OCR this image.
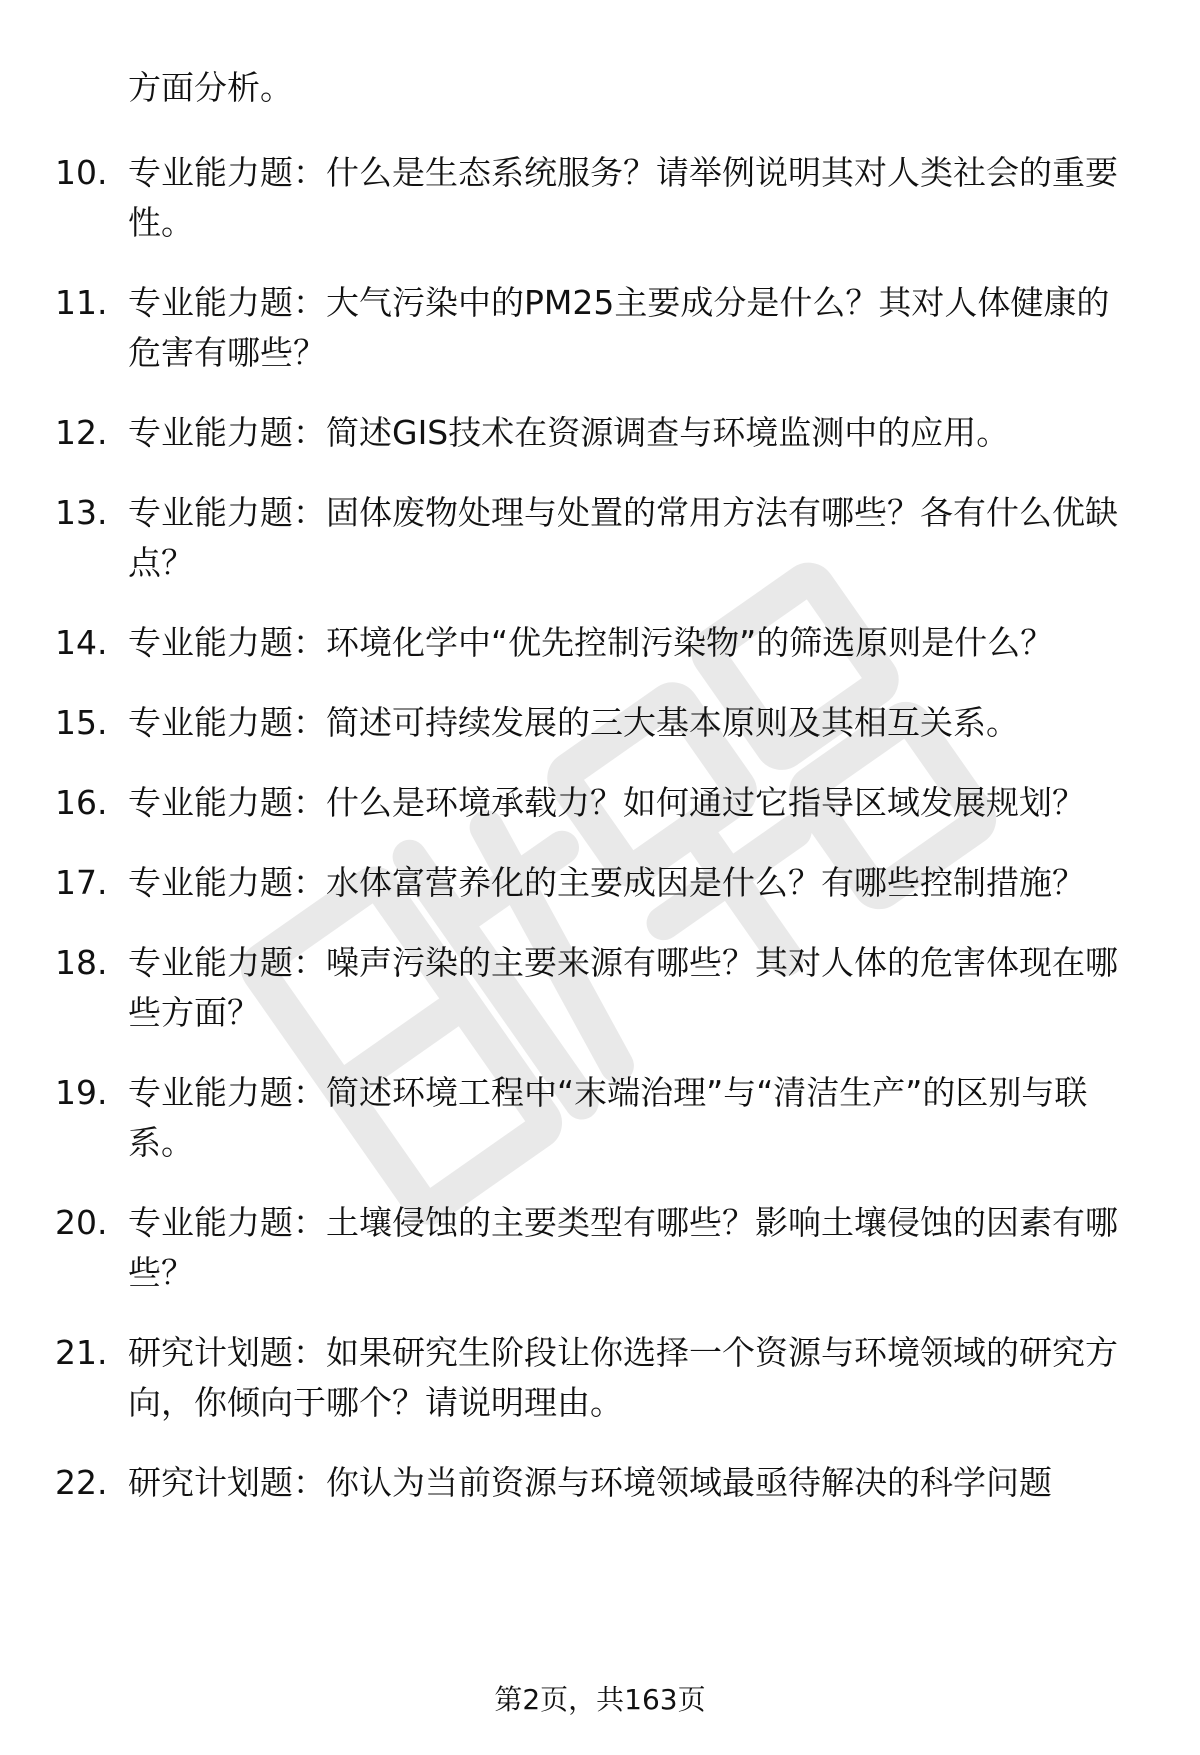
方面分析。
10. 专业能力题：什么是生态系统服务？请举例说明其对人类社会的重要性。
11. 专业能力题：大气污染中的PM25主要成分是什么？其对人体健康的危害有哪些？
12. 专业能力题：简述GIS技术在资源调查与环境监测中的应用。
13. 专业能力题：固体废物处理与处置的常用方法有哪些？各有什么优缺点？
14. 专业能力题：环境化学中“优先控制污染物”的筛选原则是什么？
15. 专业能力题：简述可持续发展的三大基本原则及其相互关系。
16. 专业能力题：什么是环境承载力？如何通过它指导区域发展规划？
17. 专业能力题：水体富营养化的主要成因是什么？有哪些控制措施？
18. 专业能力题：噪声污染的主要来源有哪些？其对人体的危害体现在哪些方面？
19. 专业能力题：简述环境工程中“末端治理”与“清洁生产”的区别与联系。
20. 专业能力题：土壤侵蚀的主要类型有哪些？影响土壤侵蚀的因素有哪些？
21. 研究计划题：如果研究生阶段让你选择一个资源与环境领域的研究方向，你倾向于哪个？请说明理由。
22. 研究计划题：你认为当前资源与环境领域最亟待解决的科学问题
第2页，共163页
